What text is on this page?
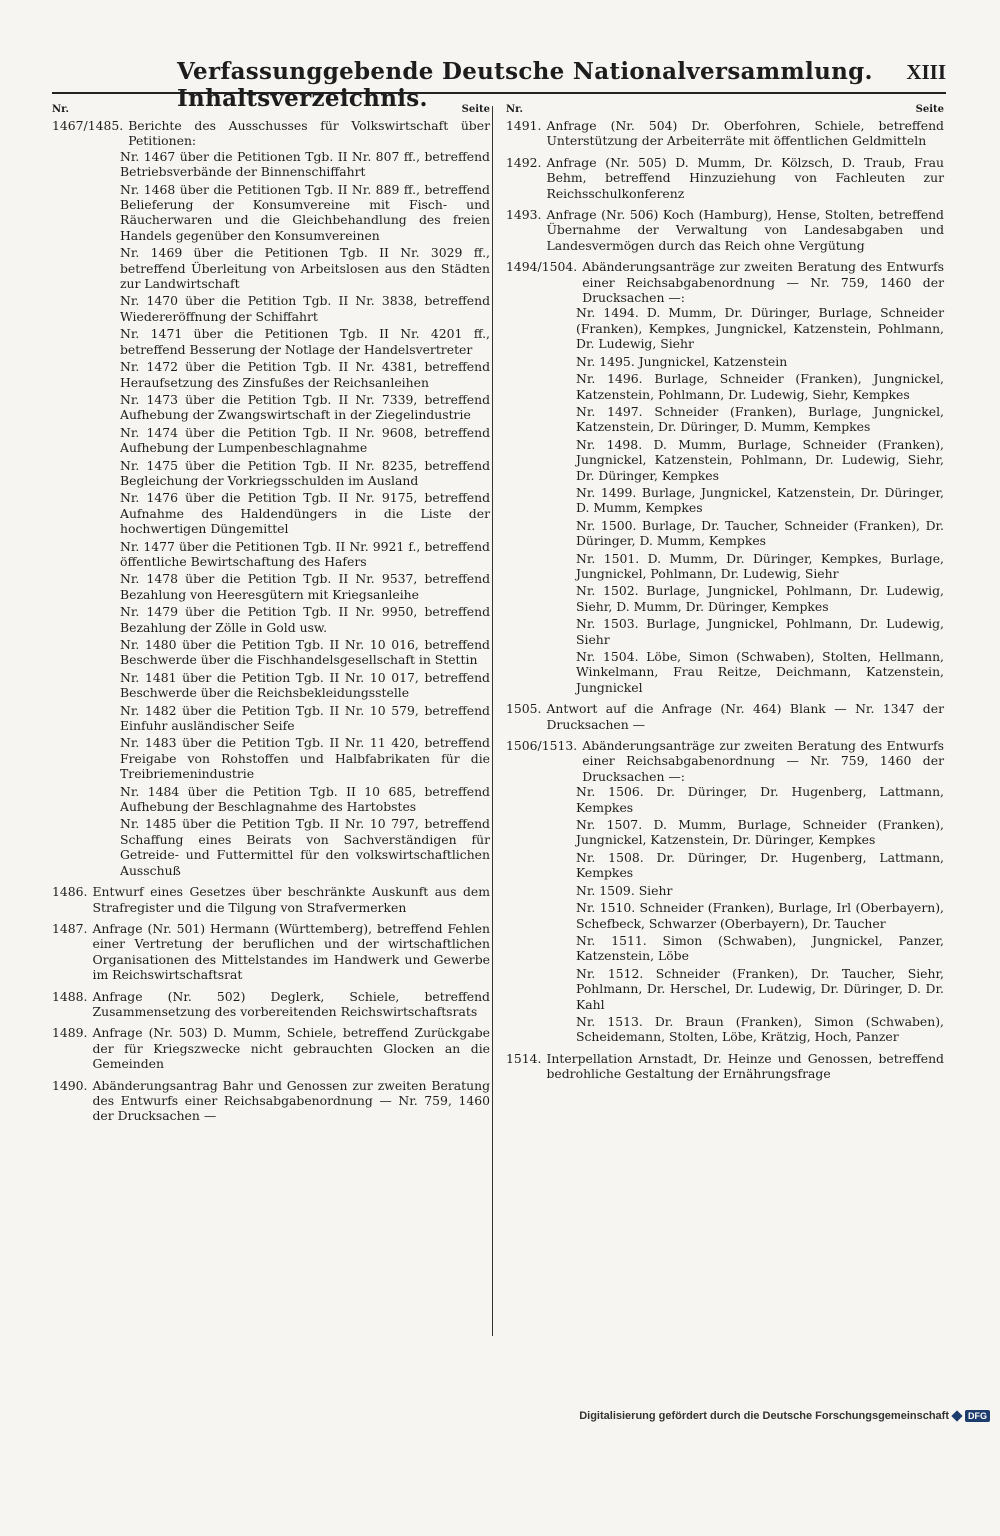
Verfassunggebende Deutsche Nationalversammlung. Inhaltsverzeichnis.
XIII
Nr.	Seite
1467/1485. Berichte des Ausschusses für Volkswirtschaft über Petitionen:
Nr. 1467 über die Petitionen Tgb. II Nr. 807 ff., betreffend Betriebsverbände der Binnenschiffahrt
Nr. 1468 über die Petitionen Tgb. II Nr. 889 ff., betreffend Belieferung der Konsumvereine mit Fisch- und Räucherwaren und die Gleichbehandlung des freien Handels gegenüber den Konsumvereinen
Nr. 1469 über die Petitionen Tgb. II Nr. 3029 ff., betreffend Überleitung von Arbeitslosen aus den Städten zur Landwirtschaft
Nr. 1470 über die Petition Tgb. II Nr. 3838, betreffend Wiedereröffnung der Schiffahrt
Nr. 1471 über die Petitionen Tgb. II Nr. 4201 ff., betreffend Besserung der Notlage der Handelsvertreter
Nr. 1472 über die Petition Tgb. II Nr. 4381, betreffend Heraufsetzung des Zinsfußes der Reichsanleihen
Nr. 1473 über die Petition Tgb. II Nr. 7339, betreffend Aufhebung der Zwangswirtschaft in der Ziegelindustrie
Nr. 1474 über die Petition Tgb. II Nr. 9608, betreffend Aufhebung der Lumpenbeschlagnahme
Nr. 1475 über die Petition Tgb. II Nr. 8235, betreffend Begleichung der Vorkriegsschulden im Ausland
Nr. 1476 über die Petition Tgb. II Nr. 9175, betreffend Aufnahme des Haldendüngers in die Liste der hochwertigen Düngemittel
Nr. 1477 über die Petitionen Tgb. II Nr. 9921 f., betreffend öffentliche Bewirtschaftung des Hafers
Nr. 1478 über die Petition Tgb. II Nr. 9537, betreffend Bezahlung von Heeresgütern mit Kriegsanleihe
Nr. 1479 über die Petition Tgb. II Nr. 9950, betreffend Bezahlung der Zölle in Gold usw.
Nr. 1480 über die Petition Tgb. II Nr. 10 016, betreffend Beschwerde über die Fischhandelsgesellschaft in Stettin
Nr. 1481 über die Petition Tgb. II Nr. 10 017, betreffend Beschwerde über die Reichsbekleidungsstelle
Nr. 1482 über die Petition Tgb. II Nr. 10 579, betreffend Einfuhr ausländischer Seife
Nr. 1483 über die Petition Tgb. II Nr. 11 420, betreffend Freigabe von Rohstoffen und Halbfabrikaten für die Treibriemenindustrie
Nr. 1484 über die Petition Tgb. II 10 685, betreffend Aufhebung der Beschlagnahme des Hartobstes
Nr. 1485 über die Petition Tgb. II Nr. 10 797, betreffend Schaffung eines Beirats von Sachverständigen für Getreide- und Futtermittel für den volkswirtschaftlichen Ausschuß
1486. Entwurf eines Gesetzes über beschränkte Auskunft aus dem Strafregister und die Tilgung von Strafvermerken
1487. Anfrage (Nr. 501) Hermann (Württemberg), betreffend Fehlen einer Vertretung der beruflichen und der wirtschaftlichen Organisationen des Mittelstandes im Handwerk und Gewerbe im Reichswirtschaftsrat
1488. Anfrage (Nr. 502) Deglerk, Schiele, betreffend Zusammensetzung des vorbereitenden Reichswirtschaftsrats
1489. Anfrage (Nr. 503) D. Mumm, Schiele, betreffend Zurückgabe der für Kriegszwecke nicht gebrauchten Glocken an die Gemeinden
1490. Abänderungsantrag Bahr und Genossen zur zweiten Beratung des Entwurfs einer Reichsabgabenordnung — Nr. 759, 1460 der Drucksachen —
Nr.	Seite
1491. Anfrage (Nr. 504) Dr. Oberfohren, Schiele, betreffend Unterstützung der Arbeiterräte mit öffentlichen Geldmitteln
1492. Anfrage (Nr. 505) D. Mumm, Dr. Kölzsch, D. Traub, Frau Behm, betreffend Hinzuziehung von Fachleuten zur Reichsschulkonferenz
1493. Anfrage (Nr. 506) Koch (Hamburg), Hense, Stolten, betreffend Übernahme der Verwaltung von Landesabgaben und Landesvermögen durch das Reich ohne Vergütung
1494/1504. Abänderungsanträge zur zweiten Beratung des Entwurfs einer Reichsabgabenordnung — Nr. 759, 1460 der Drucksachen —:
Nr. 1494. D. Mumm, Dr. Düringer, Burlage, Schneider (Franken), Kempkes, Jungnickel, Katzenstein, Pohlmann, Dr. Ludewig, Siehr
Nr. 1495. Jungnickel, Katzenstein
Nr. 1496. Burlage, Schneider (Franken), Jungnickel, Katzenstein, Pohlmann, Dr. Ludewig, Siehr, Kempkes
Nr. 1497. Schneider (Franken), Burlage, Jungnickel, Katzenstein, Dr. Düringer, D. Mumm, Kempkes
Nr. 1498. D. Mumm, Burlage, Schneider (Franken), Jungnickel, Katzenstein, Pohlmann, Dr. Ludewig, Siehr, Dr. Düringer, Kempkes
Nr. 1499. Burlage, Jungnickel, Katzenstein, Dr. Düringer, D. Mumm, Kempkes
Nr. 1500. Burlage, Dr. Taucher, Schneider (Franken), Dr. Düringer, D. Mumm, Kempkes
Nr. 1501. D. Mumm, Dr. Düringer, Kempkes, Burlage, Jungnickel, Pohlmann, Dr. Ludewig, Siehr
Nr. 1502. Burlage, Jungnickel, Pohlmann, Dr. Ludewig, Siehr, D. Mumm, Dr. Düringer, Kempkes
Nr. 1503. Burlage, Jungnickel, Pohlmann, Dr. Ludewig, Siehr
Nr. 1504. Löbe, Simon (Schwaben), Stolten, Hellmann, Winkelmann, Frau Reitze, Deichmann, Katzenstein, Jungnickel
1505. Antwort auf die Anfrage (Nr. 464) Blank — Nr. 1347 der Drucksachen —
1506/1513. Abänderungsanträge zur zweiten Beratung des Entwurfs einer Reichsabgabenordnung — Nr. 759, 1460 der Drucksachen —:
Nr. 1506. Dr. Düringer, Dr. Hugenberg, Lattmann, Kempkes
Nr. 1507. D. Mumm, Burlage, Schneider (Franken), Jungnickel, Katzenstein, Dr. Düringer, Kempkes
Nr. 1508. Dr. Düringer, Dr. Hugenberg, Lattmann, Kempkes
Nr. 1509. Siehr
Nr. 1510. Schneider (Franken), Burlage, Irl (Oberbayern), Schefbeck, Schwarzer (Oberbayern), Dr. Taucher
Nr. 1511. Simon (Schwaben), Jungnickel, Panzer, Katzenstein, Löbe
Nr. 1512. Schneider (Franken), Dr. Taucher, Siehr, Pohlmann, Dr. Herschel, Dr. Ludewig, Dr. Düringer, D. Dr. Kahl
Nr. 1513. Dr. Braun (Franken), Simon (Schwaben), Scheidemann, Stolten, Löbe, Krätzig, Hoch, Panzer
1514. Interpellation Arnstadt, Dr. Heinze und Genossen, betreffend bedrohliche Gestaltung der Ernährungsfrage
Digitalisierung gefördert durch die Deutsche Forschungsgemeinschaft	DFG
